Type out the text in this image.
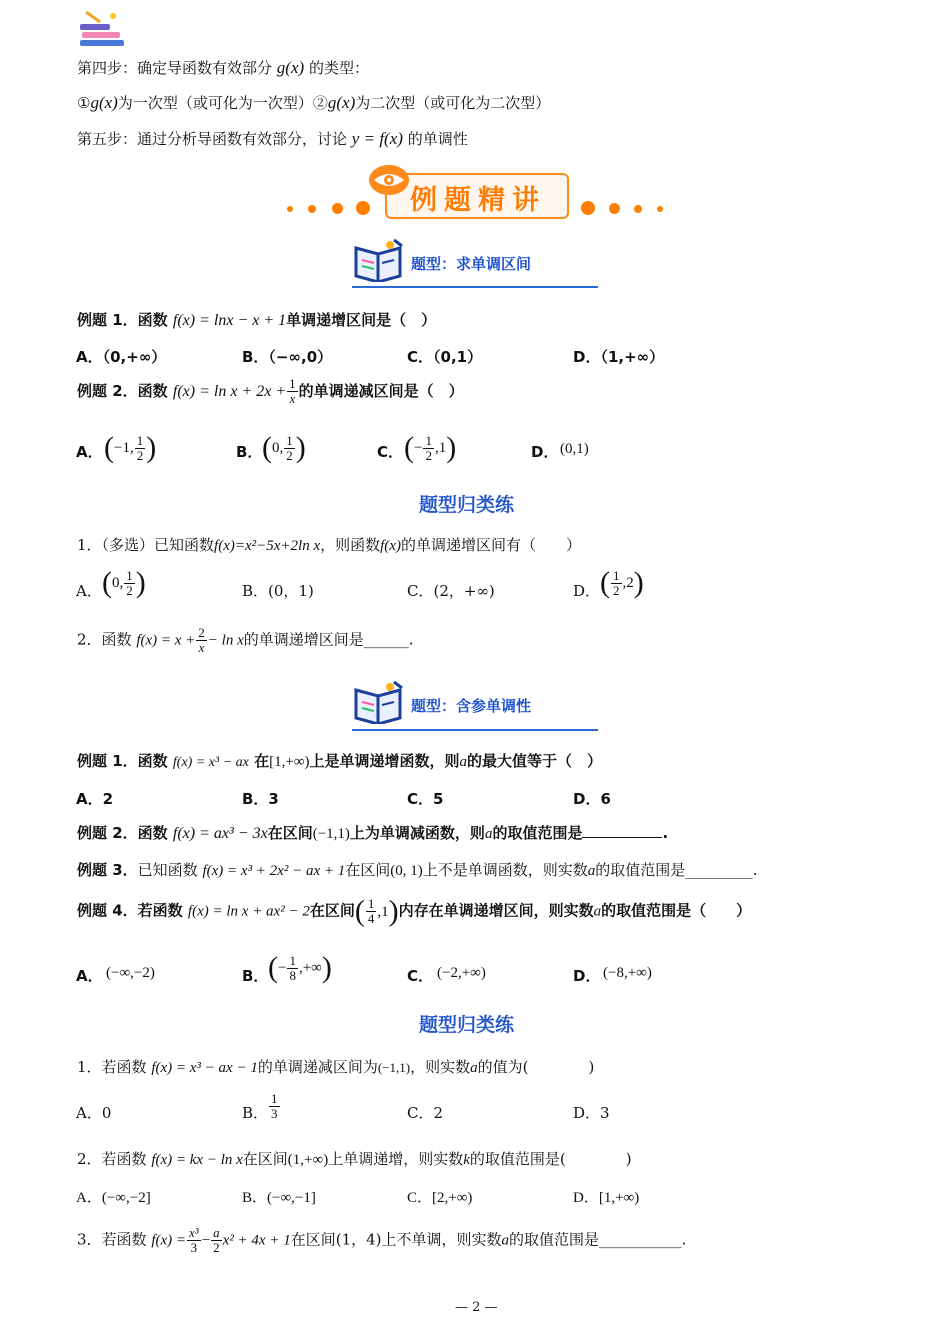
第四步：确定导函数有效部分 g(x) 的类型：
①g(x)为一次型（或可化为一次型）②g(x)为二次型（或可化为二次型）
第五步：通过分析导函数有效部分，讨论 y = f(x) 的单调性
例题精讲
题型：求单调区间
例题 1．函数 f(x) = lnx − x + 1单调递增区间是（　）
A．（0,+∞）	B．（−∞,0）	C．（0,1）	D．（1,+∞）
例题 2．函数 $f(x) = \ln x + 2x + \frac{1}{x}$ 的单调递减区间是（　）
A． (−1, $\frac{1}{2}$ )	B． (0, $\frac{1}{2}$ )	C． (− $\frac{1}{2} ,1$)	D． (0,1)
题型归类练
1．（多选）已知函数f(x)=x²−5x+2ln x，则函数f(x)的单调递增区间有（　　）
A． (0, $\frac{1}{2}$ )	B．(0，1)	C．(2，+∞)	D． ( $\frac{1}{2} ,2$)
2．函数 $f(x) = x + \frac{2}{x} - \ln x$的单调递增区间是______.
题型：含参单调性
例题 1．函数 f(x) = x³ − ax 在[1,+∞)上是单调递增函数，则a的最大值等于（　）
A．2	B．3	C．5	D．6
例题 2．函数 f(x) = ax³ − 3x在区间(−1,1)上为单调减函数，则a的取值范围是	.
例题 3．已知函数 f(x) = x³ + 2x² − ax + 1在区间(0, 1)上不是单调函数，则实数a的取值范围是_________.
例题 4．若函数 f(x) = ln x + ax² − 2在区间( $\frac{1}{4} ,1$)内存在单调递增区间，则实数a的取值范围是（　　）
A． (−∞,−2)	B． (− $\frac{1}{8}$ ,+∞)	C． (−2,+∞)	D． (−8,+∞)
题型归类练
1．若函数 f(x) = x³ − ax − 1的单调递减区间为(−1,1)，则实数a的值为(　　　　)
A．0	B． $\frac{1}{3}$	C．2	D．3
2．若函数 f(x) = kx − ln x在区间(1,+∞)上单调递增，则实数k的取值范围是(　　　　)
A．(−∞,−2]	B．(−∞,−1]	C．[2,+∞)	D．[1,+∞)
3．若函数 $f(x) = \frac{\text{x³}}{3} - \frac{a}{2} x^2 + 4x + 1$在区间(1，4)上不单调，则实数a的取值范围是___________.
— 2 —
